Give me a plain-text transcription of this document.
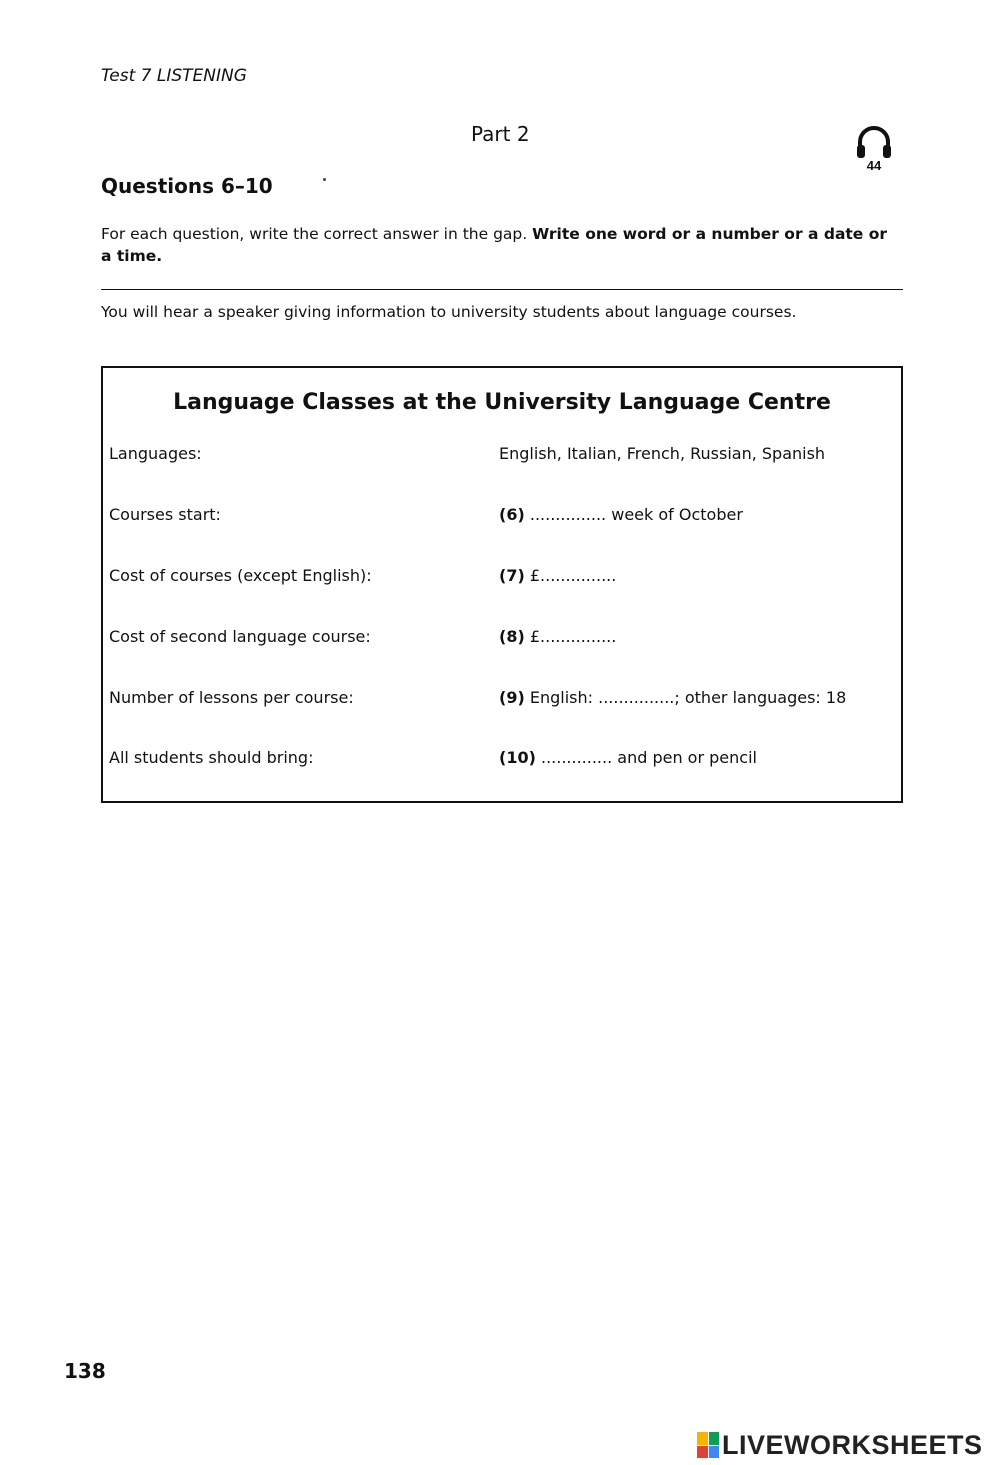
Test 7 LISTENING
Part 2
44
Questions 6–10
For each question, write the correct answer in the gap. Write one word or a number or a date or a time.
You will hear a speaker giving information to university students about language courses.
Language Classes at the University Language Centre
Languages:	English, Italian, French, Russian, Spanish
Courses start:	(6) ............... week of October
Cost of courses (except English):	(7) £...............
Cost of second language course:	(8) £...............
Number of lessons per course:	(9) English: ...............; other languages: 18
All students should bring:	(10) .............. and pen or pencil
138
LIVEWORKSHEETS
